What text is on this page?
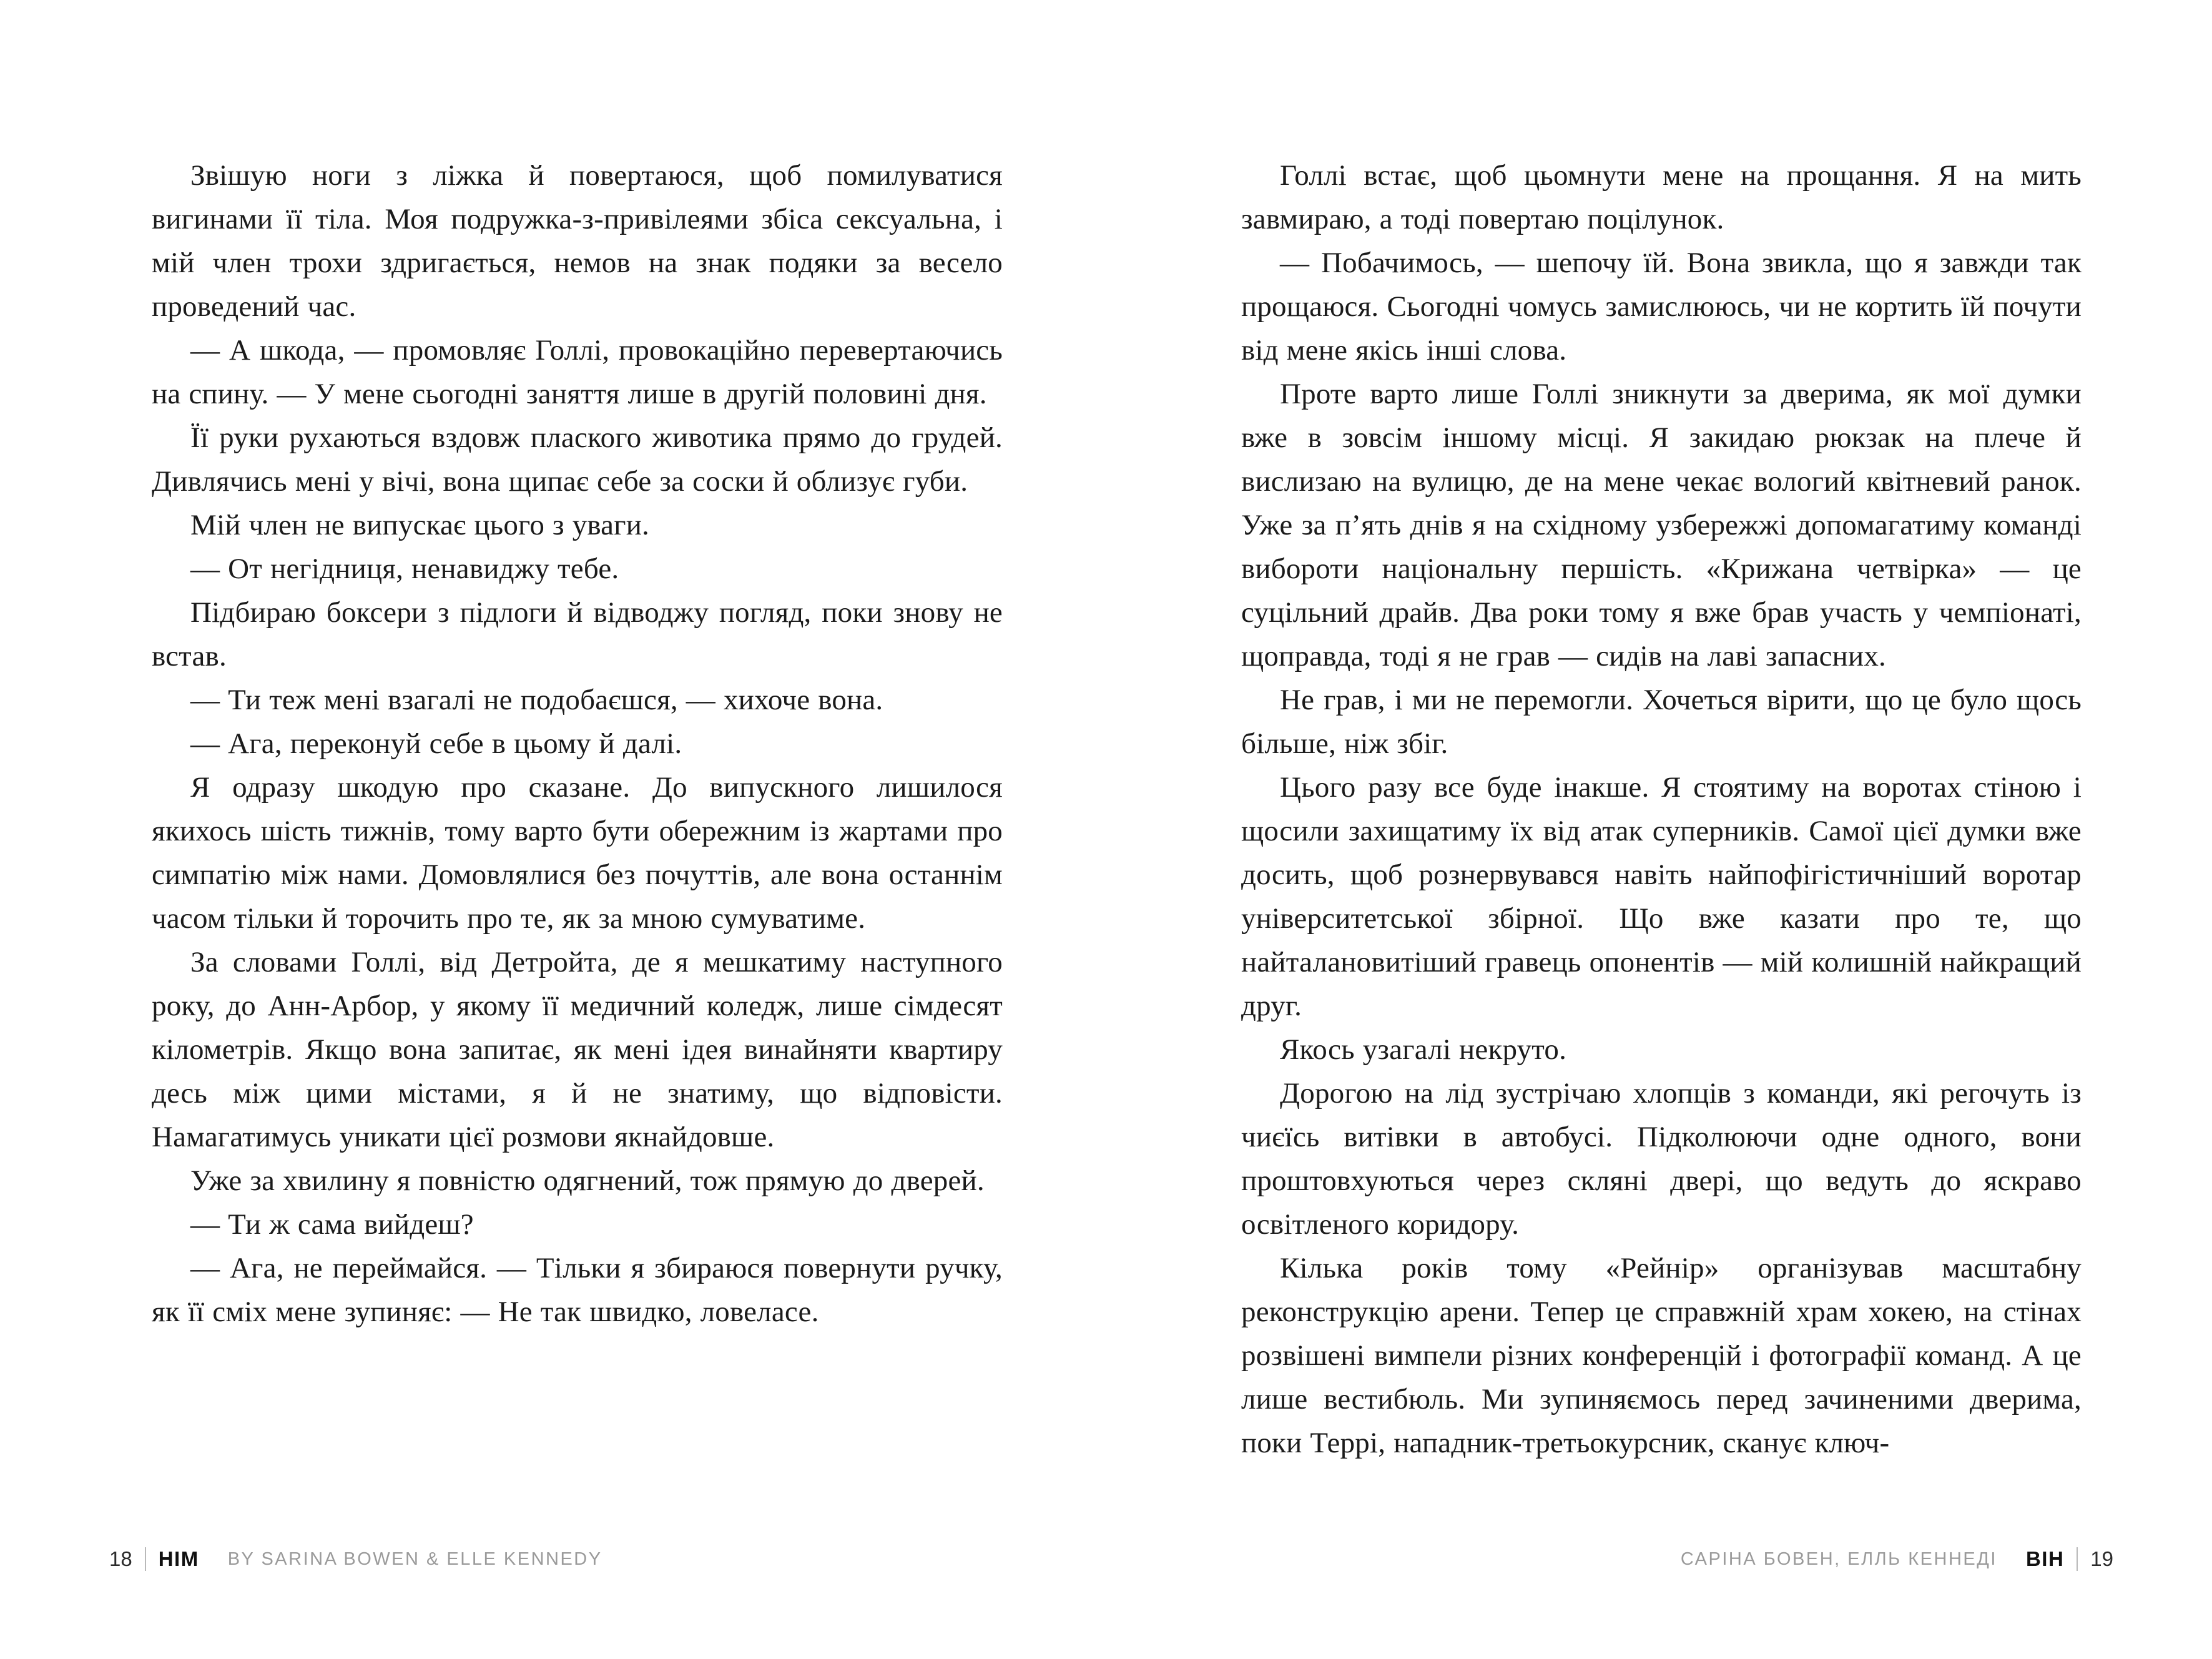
Звішую ноги з ліжка й повертаюся, щоб помилуватися вигинами її тіла. Моя подружка-з-привілеями збіса сексуальна, і мій член трохи здригається, немов на знак подяки за весело проведений час.

— А шкода, — промовляє Голлі, провокаційно перевертаючись на спину. — У мене сьогодні заняття лише в другій половині дня.

Її руки рухаються вздовж плаского животика прямо до грудей. Дивлячись мені у вічі, вона щипає себе за соски й облизує губи.

Мій член не випускає цього з уваги.

— От негідниця, ненавиджу тебе.

Підбираю боксери з підлоги й відводжу погляд, поки знову не встав.

— Ти теж мені взагалі не подобаєшся, — хихоче вона.

— Ага, переконуй себе в цьому й далі.

Я одразу шкодую про сказане. До випускного лишилося якихось шість тижнів, тому варто бути обережним із жартами про симпатію між нами. Домовлялися без почуттів, але вона останнім часом тільки й торочить про те, як за мною сумуватиме.

За словами Голлі, від Детройта, де я мешкатиму наступного року, до Анн-Арбор, у якому її медичний коледж, лише сімдесят кілометрів. Якщо вона запитає, як мені ідея винайняти квартиру десь між цими містами, я й не знатиму, що відповісти. Намагатимусь уникати цієї розмови якнайдовше.

Уже за хвилину я повністю одягнений, тож прямую до дверей.

— Ти ж сама вийдеш?

— Ага, не переймайся. — Тільки я збираюся повернути ручку, як її сміх мене зупиняє: — Не так швидко, ловеласе.

Голлі встає, щоб цьомнути мене на прощання. Я на мить завмираю, а тоді повертаю поцілунок.

— Побачимось, — шепочу їй. Вона звикла, що я завжди так прощаюся. Сьогодні чомусь замислююсь, чи не кортить їй почути від мене якісь інші слова.

Проте варто лише Голлі зникнути за дверима, як мої думки вже в зовсім іншому місці. Я закидаю рюкзак на плече й вислизаю на вулицю, де на мене чекає вологий квітневий ранок. Уже за п’ять днів я на східному узбережжі допомагатиму команді вибороти національну першість. «Крижана четвірка» — це суцільний драйв. Два роки тому я вже брав участь у чемпіонаті, щоправда, тоді я не грав — сидів на лаві запасних.

Не грав, і ми не перемогли. Хочеться вірити, що це було щось більше, ніж збіг.

Цього разу все буде інакше. Я стоятиму на воротах стіною і щосили захищатиму їх від атак суперників. Самої цієї думки вже досить, щоб рознервувався навіть найпофігістичніший воротар університетської збірної. Що вже казати про те, що найталановитіший гравець опонентів — мій колишній найкращий друг.

Якось узагалі некруто.

Дорогою на лід зустрічаю хлопців з команди, які регочуть із чиєїсь витівки в автобусі. Підколюючи одне одного, вони проштовхуються через скляні двері, що ведуть до яскраво освітленого коридору.

Кілька років тому «Рейнір» організував масштабну реконструкцію арени. Тепер це справжній храм хокею, на стінах розвішені вимпели різних конференцій і фотографії команд. А це лише вестибюль. Ми зупиняємось перед зачиненими дверима, поки Террі, нападник-третьокурсник, сканує ключ-

18 HIM BY SARINA BOWEN & ELLE KENNEDY	САРІНА БОВЕН, ЕЛЛЬ КЕННЕДІ ВІН 19
